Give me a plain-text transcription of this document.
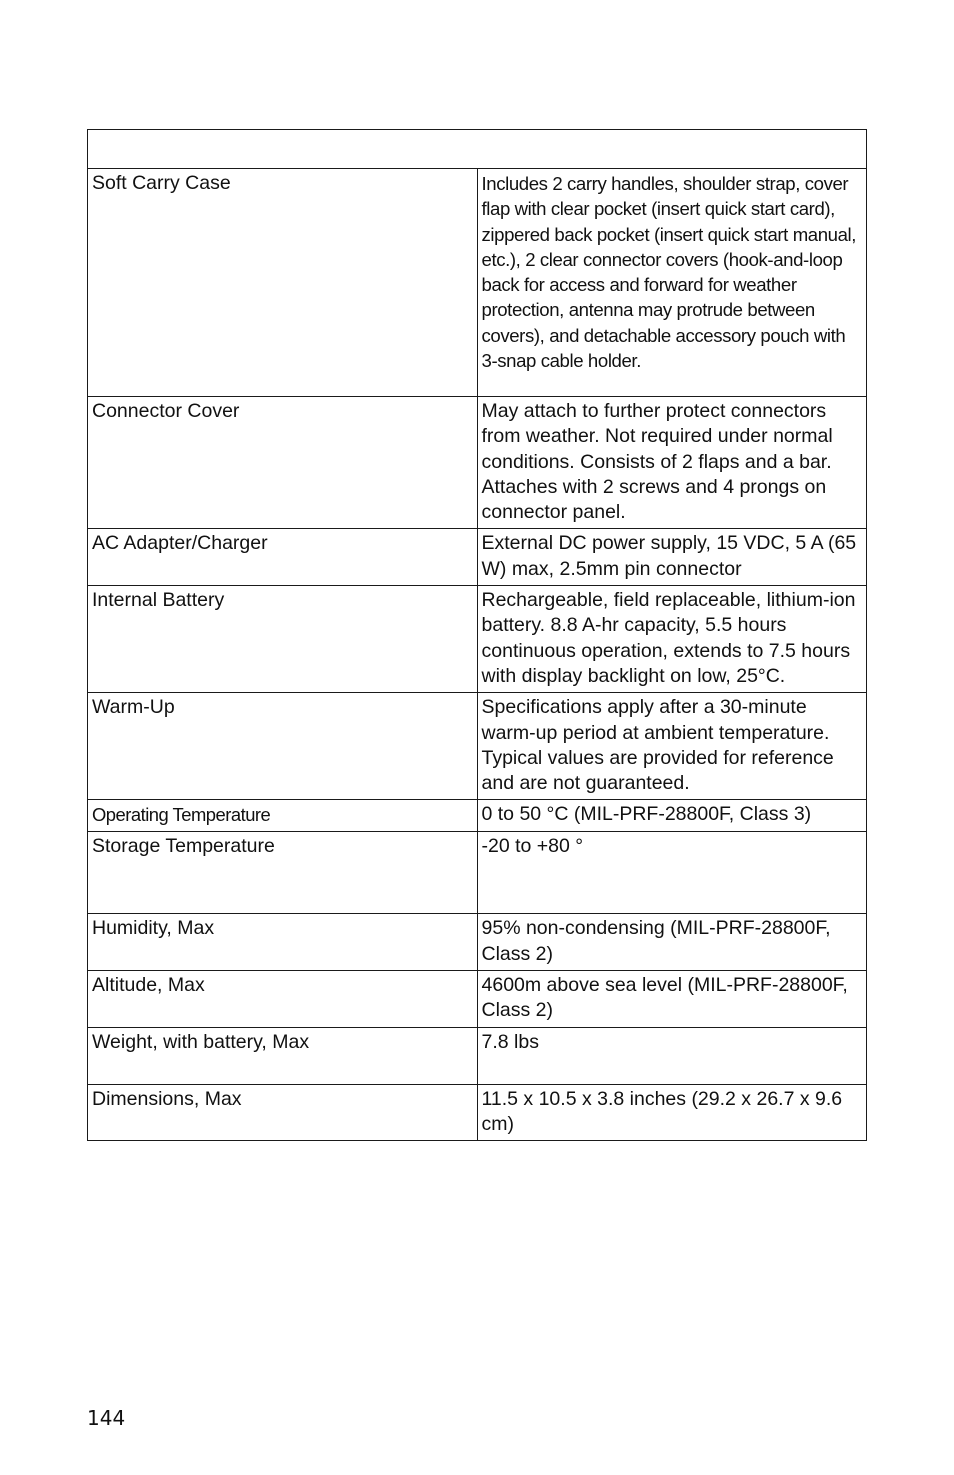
Soft Carry Case	Includes 2 carry handles, shoulder strap, cover flap with clear pocket (insert quick start card), zippered back pocket (insert quick start manual, etc.), 2 clear connector covers (hook-and-loop back for access and forward for weather protection, antenna may protrude between covers), and detachable accessory pouch with 3-snap cable holder.
Connector Cover	May attach to further protect connectors from weather. Not required under normal conditions. Consists of 2 flaps and a bar. Attaches with 2 screws and 4 prongs on connector panel.
AC Adapter/Charger	External DC power supply, 15 VDC, 5 A (65 W) max, 2.5mm pin connector
Internal Battery	Rechargeable, field replaceable, lithium-ion battery. 8.8 A-hr capacity, 5.5 hours continuous operation, extends to 7.5 hours with display backlight on low, 25°C.
Warm-Up	Specifications apply after a 30-minute warm-up period at ambient temperature. Typical values are provided for reference and are not guaranteed.
Operating Temperature	0 to 50 °C (MIL-PRF-28800F, Class 3)
Storage Temperature	-20 to +80 °
Humidity, Max	95% non-condensing (MIL-PRF-28800F, Class 2)
Altitude, Max	4600m above sea level (MIL-PRF-28800F, Class 2)
Weight, with battery, Max	7.8 lbs
Dimensions, Max	11.5 x 10.5 x 3.8 inches (29.2 x 26.7 x 9.6 cm)
144
